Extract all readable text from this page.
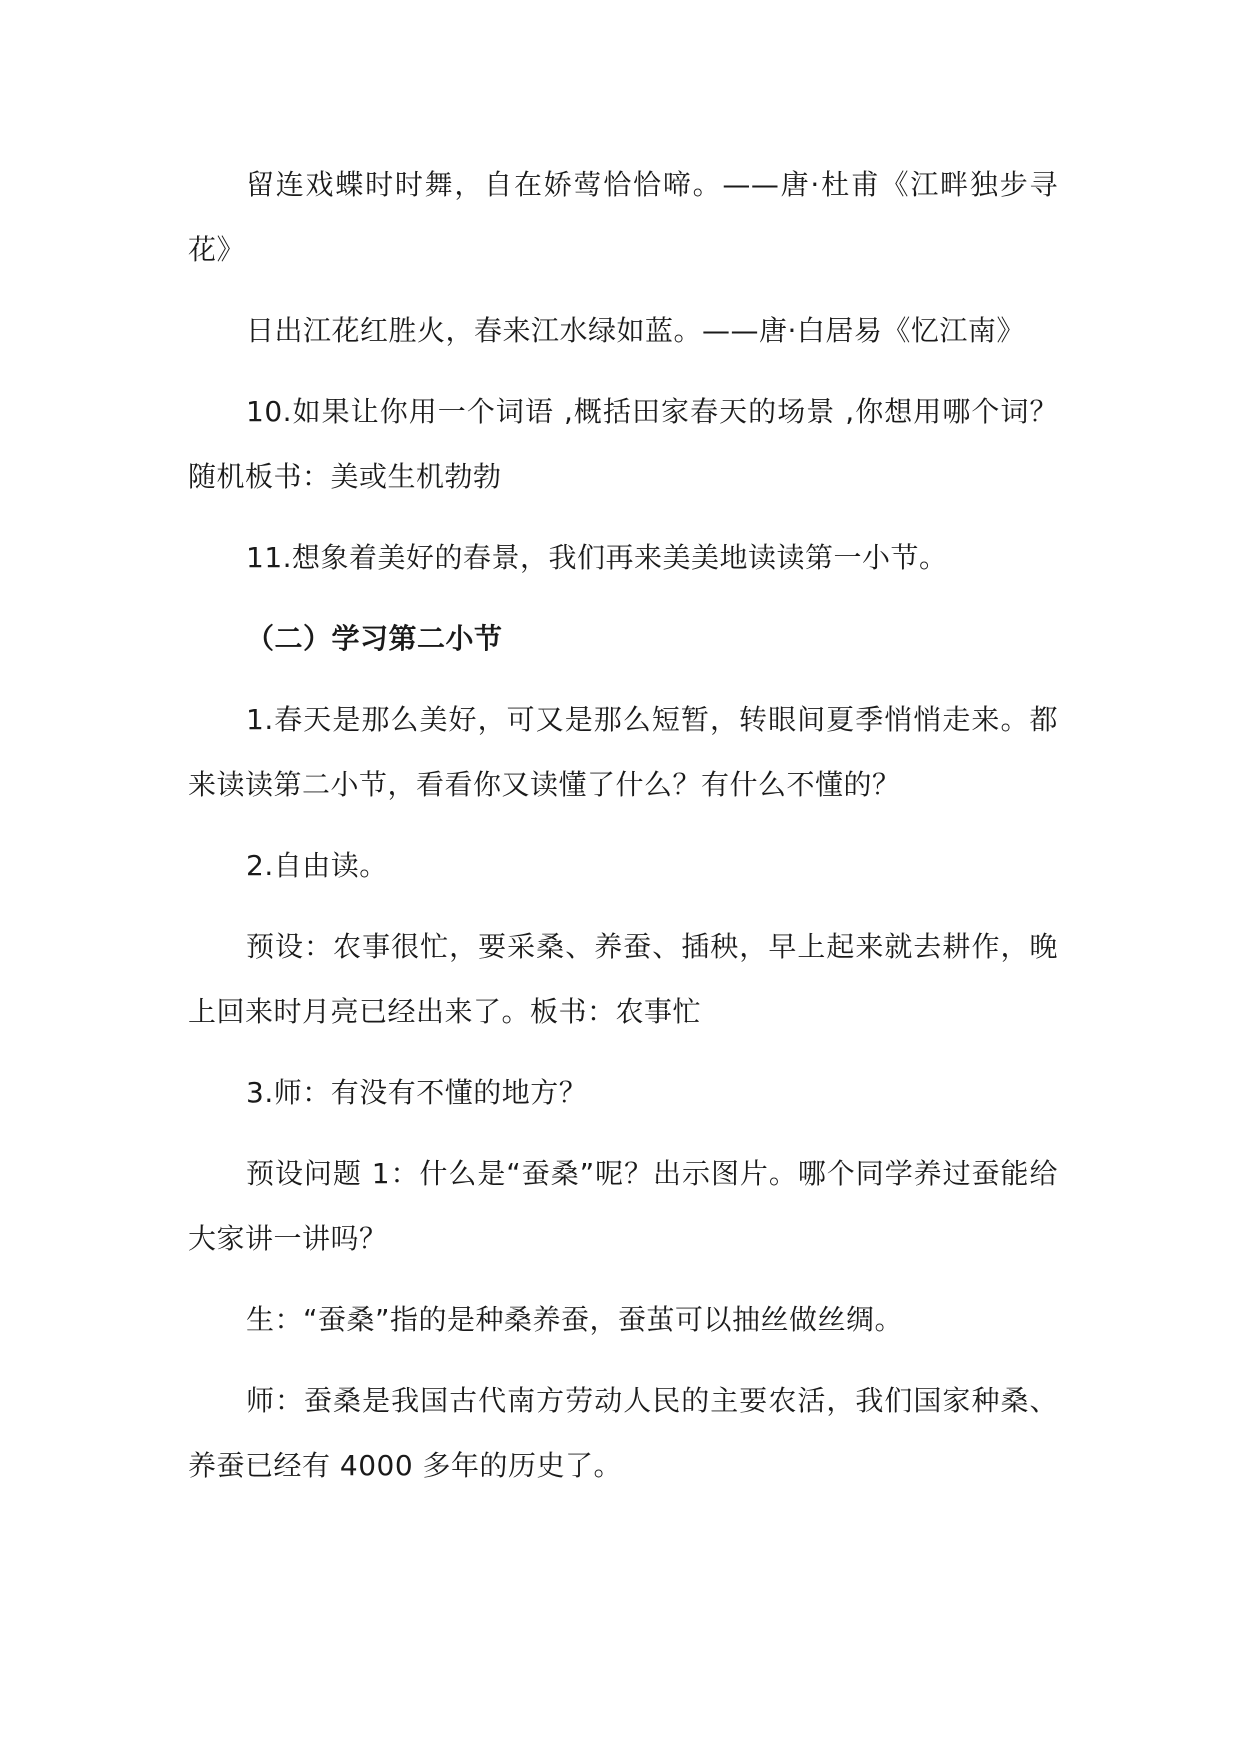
留连戏蝶时时舞，自在娇莺恰恰啼。——唐·杜甫《江畔独步寻花》

日出江花红胜火，春来江水绿如蓝。——唐·白居易《忆江南》

10.如果让你用一个词语 ,概括田家春天的场景 ,你想用哪个词？随机板书：美或生机勃勃

11.想象着美好的春景，我们再来美美地读读第一小节。

（二）学习第二小节

1.春天是那么美好，可又是那么短暂，转眼间夏季悄悄走来。都来读读第二小节，看看你又读懂了什么？有什么不懂的？

2.自由读。

预设：农事很忙，要采桑、养蚕、插秧，早上起来就去耕作，晚上回来时月亮已经出来了。板书：农事忙

3.师：有没有不懂的地方？

预设问题 1：什么是“蚕桑”呢？出示图片。哪个同学养过蚕能给大家讲一讲吗？

生：“蚕桑”指的是种桑养蚕，蚕茧可以抽丝做丝绸。

师：蚕桑是我国古代南方劳动人民的主要农活，我们国家种桑、养蚕已经有 4000 多年的历史了。
